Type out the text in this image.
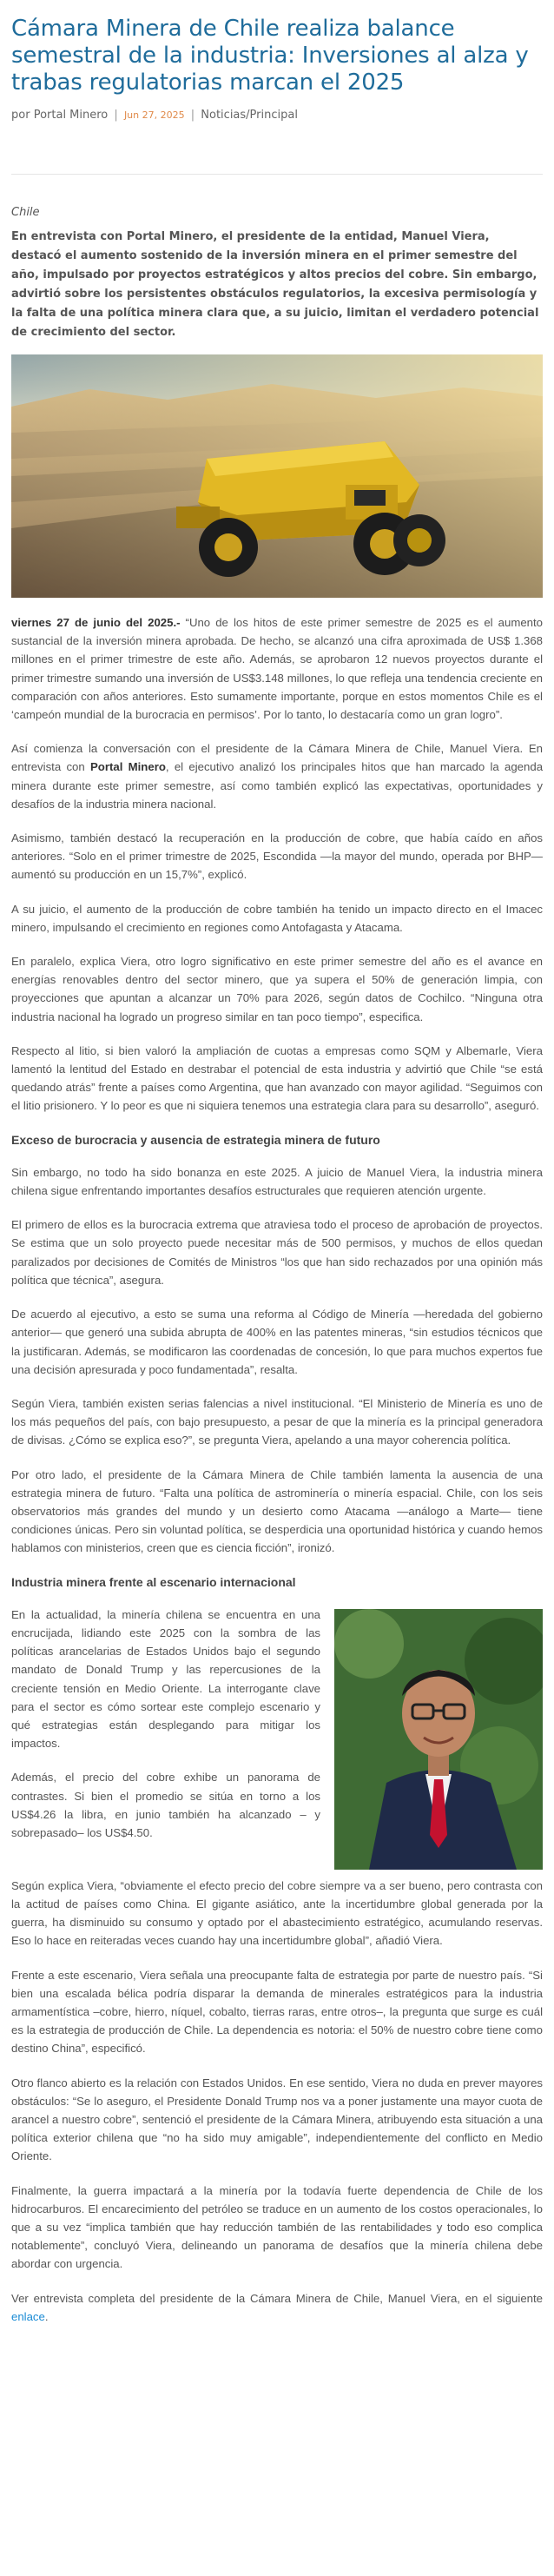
Cámara Minera de Chile realiza balance semestral de la industria: Inversiones al alza y trabas regulatorias marcan el 2025
por Portal Minero | Jun 27, 2025 | Noticias/Principal
Chile
En entrevista con Portal Minero, el presidente de la entidad, Manuel Viera, destacó el aumento sostenido de la inversión minera en el primer semestre del año, impulsado por proyectos estratégicos y altos precios del cobre. Sin embargo, advirtió sobre los persistentes obstáculos regulatorios, la excesiva permisología y la falta de una política minera clara que, a su juicio, limitan el verdadero potencial de crecimiento del sector.

viernes 27 de junio del 2025.- “Uno de los hitos de este primer semestre de 2025 es el aumento sustancial de la inversión minera aprobada. De hecho, se alcanzó una cifra aproximada de US$ 1.368 millones en el primer trimestre de este año. Además, se aprobaron 12 nuevos proyectos durante el primer trimestre sumando una inversión de US$3.148 millones, lo que refleja una tendencia creciente en comparación con años anteriores. Esto sumamente importante, porque en estos momentos Chile es el ‘campeón mundial de la burocracia en permisos’. Por lo tanto, lo destacaría como un gran logro”.

Así comienza la conversación con el presidente de la Cámara Minera de Chile, Manuel Viera. En entrevista con Portal Minero, el ejecutivo analizó los principales hitos que han marcado la agenda minera durante este primer semestre, así como también explicó las expectativas, oportunidades y desafíos de la industria minera nacional.

Asimismo, también destacó la recuperación en la producción de cobre, que había caído en años anteriores. “Solo en el primer trimestre de 2025, Escondida —la mayor del mundo, operada por BHP— aumentó su producción en un 15,7%”, explicó.

A su juicio, el aumento de la producción de cobre también ha tenido un impacto directo en el Imacec minero, impulsando el crecimiento en regiones como Antofagasta y Atacama.

En paralelo, explica Viera, otro logro significativo en este primer semestre del año es el avance en energías renovables dentro del sector minero, que ya supera el 50% de generación limpia, con proyecciones que apuntan a alcanzar un 70% para 2026, según datos de Cochilco. “Ninguna otra industria nacional ha logrado un progreso similar en tan poco tiempo”, especifica.

Respecto al litio, si bien valoró la ampliación de cuotas a empresas como SQM y Albemarle, Viera lamentó la lentitud del Estado en destrabar el potencial de esta industria y advirtió que Chile “se está quedando atrás” frente a países como Argentina, que han avanzado con mayor agilidad. “Seguimos con el litio prisionero. Y lo peor es que ni siquiera tenemos una estrategia clara para su desarrollo”, aseguró.

Exceso de burocracia y ausencia de estrategia minera de futuro

Sin embargo, no todo ha sido bonanza en este 2025. A juicio de Manuel Viera, la industria minera chilena sigue enfrentando importantes desafíos estructurales que requieren atención urgente.

El primero de ellos es la burocracia extrema que atraviesa todo el proceso de aprobación de proyectos. Se estima que un solo proyecto puede necesitar más de 500 permisos, y muchos de ellos quedan paralizados por decisiones de Comités de Ministros “los que han sido rechazados por una opinión más política que técnica”, asegura.

De acuerdo al ejecutivo, a esto se suma una reforma al Código de Minería —heredada del gobierno anterior— que generó una subida abrupta de 400% en las patentes mineras, “sin estudios técnicos que la justificaran. Además, se modificaron las coordenadas de concesión, lo que para muchos expertos fue una decisión apresurada y poco fundamentada”, resalta.

Según Viera, también existen serias falencias a nivel institucional. “El Ministerio de Minería es uno de los más pequeños del país, con bajo presupuesto, a pesar de que la minería es la principal generadora de divisas. ¿Cómo se explica eso?”, se pregunta Viera, apelando a una mayor coherencia política.

Por otro lado, el presidente de la Cámara Minera de Chile también lamenta la ausencia de una estrategia minera de futuro. “Falta una política de astrominería o minería espacial. Chile, con los seis observatorios más grandes del mundo y un desierto como Atacama —análogo a Marte— tiene condiciones únicas. Pero sin voluntad política, se desperdicia una oportunidad histórica y cuando hemos hablamos con ministerios, creen que es ciencia ficción”, ironizó.

Industria minera frente al escenario internacional

En la actualidad, la minería chilena se encuentra en una encrucijada, lidiando este 2025 con la sombra de las políticas arancelarias de Estados Unidos bajo el segundo mandato de Donald Trump y las repercusiones de la creciente tensión en Medio Oriente. La interrogante clave para el sector es cómo sortear este complejo escenario y qué estrategias están desplegando para mitigar los impactos.

Además, el precio del cobre exhibe un panorama de contrastes. Si bien el promedio se sitúa en torno a los US$4.26 la libra, en junio también ha alcanzado – y sobrepasado– los US$4.50.

Según explica Viera, “obviamente el efecto precio del cobre siempre va a ser bueno, pero contrasta con la actitud de países como China. El gigante asiático, ante la incertidumbre global generada por la guerra, ha disminuido su consumo y optado por el abastecimiento estratégico, acumulando reservas. Eso lo hace en reiteradas veces cuando hay una incertidumbre global”, añadió Viera.

Frente a este escenario, Viera señala una preocupante falta de estrategia por parte de nuestro país. “Si bien una escalada bélica podría disparar la demanda de minerales estratégicos para la industria armamentística –cobre, hierro, níquel, cobalto, tierras raras, entre otros–, la pregunta que surge es cuál es la estrategia de producción de Chile. La dependencia es notoria: el 50% de nuestro cobre tiene como destino China”, especificó.

Otro flanco abierto es la relación con Estados Unidos. En ese sentido, Viera no duda en prever mayores obstáculos: “Se lo aseguro, el Presidente Donald Trump nos va a poner justamente una mayor cuota de arancel a nuestro cobre”, sentenció el presidente de la Cámara Minera, atribuyendo esta situación a una política exterior chilena que “no ha sido muy amigable”, independientemente del conflicto en Medio Oriente.

Finalmente, la guerra impactará a la minería por la todavía fuerte dependencia de Chile de los hidrocarburos. El encarecimiento del petróleo se traduce en un aumento de los costos operacionales, lo que a su vez “implica también que hay reducción también de las rentabilidades y todo eso complica notablemente”, concluyó Viera, delineando un panorama de desafíos que la minería chilena debe abordar con urgencia.

Ver entrevista completa del presidente de la Cámara Minera de Chile, Manuel Viera, en el siguiente enlace.
